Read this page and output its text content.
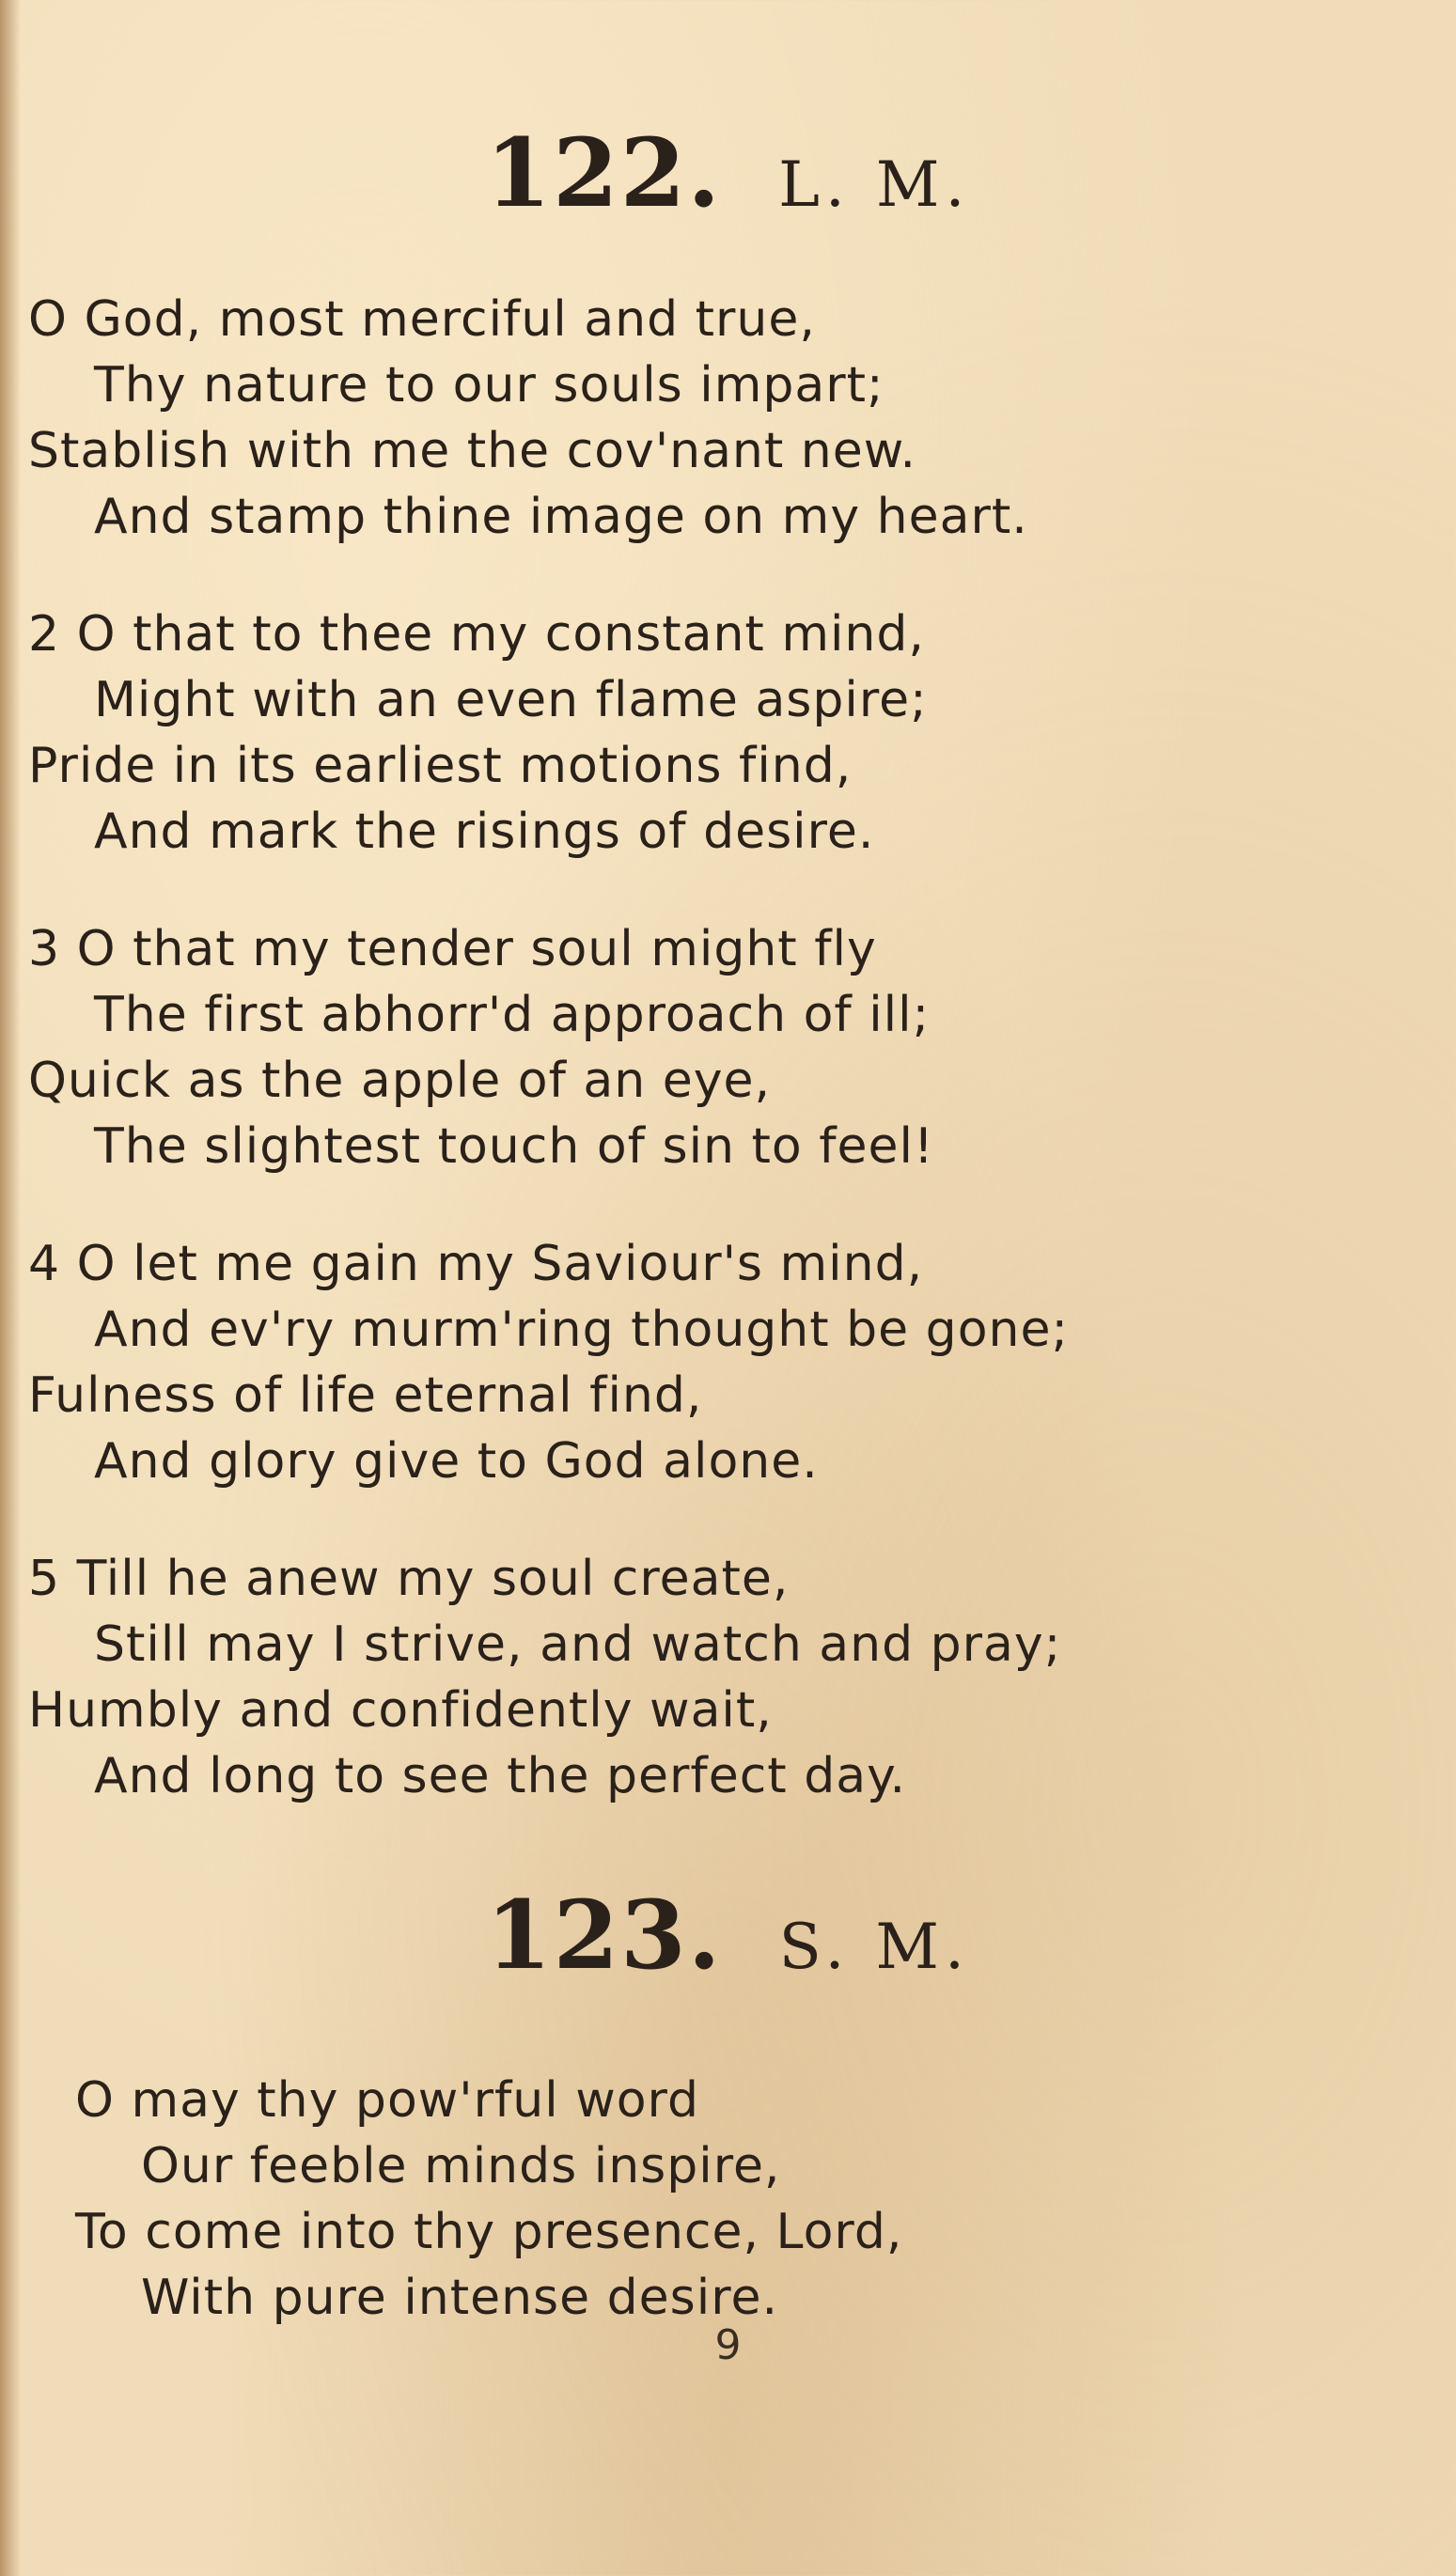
122. L. M.
O God, most merciful and true,
Thy nature to our souls impart;
Stablish with me the cov'nant new.
And stamp thine image on my heart.
2 O that to thee my constant mind,
Might with an even flame aspire;
Pride in its earliest motions find,
And mark the risings of desire.
3 O that my tender soul might fly
The first abhorr'd approach of ill;
Quick as the apple of an eye,
The slightest touch of sin to feel!
4 O let me gain my Saviour's mind,
And ev'ry murm'ring thought be gone;
Fulness of life eternal find,
And glory give to God alone.
5 Till he anew my soul create,
Still may I strive, and watch and pray;
Humbly and confidently wait,
And long to see the perfect day.
123. S. M.
O may thy pow'rful word
Our feeble minds inspire,
To come into thy presence, Lord,
With pure intense desire.
9
